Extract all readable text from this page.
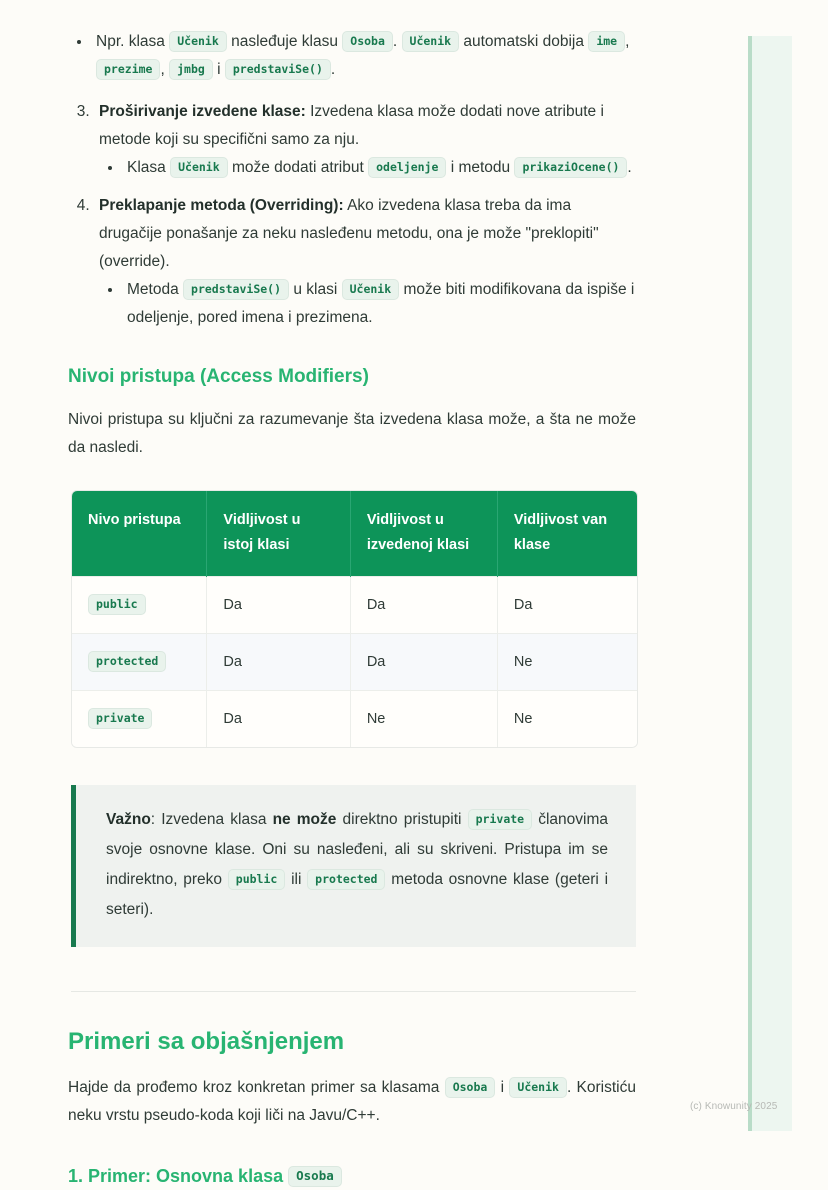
(c) Knowunity 2025
• Npr. klasa Učenik nasleđuje klasu Osoba . Učenik automatski dobija ime , prezime , jmbg i predstaviSe() .
3. Proširivanje izvedene klase: Izvedena klasa može dodati nove atribute i metode koji su specifični samo za nju.
• Klasa Učenik može dodati atribut odeljenje i metodu prikaziOcene() .
4. Preklapanje metoda (Overriding): Ako izvedena klasa treba da ima drugačije ponašanje za neku nasleđenu metodu, ona je može "preklopiti" (override).
• Metoda predstaviSe() u klasi Učenik može biti modifikovana da ispiše i odeljenje, pored imena i prezimena.
Nivoi pristupa (Access Modifiers)

Nivoi pristupa su ključni za razumevanje šta izvedena klasa može, a šta ne može da nasledi.

Nivo pristupa	Vidljivost u istoj klasi	Vidljivost u izvedenoj klasi	Vidljivost van klase
public	Da	Da	Da
protected	Da	Da	Ne
private	Da	Ne	Ne

Važno: Izvedena klasa ne može direktno pristupiti private članovima svoje osnovne klase. Oni su nasleđeni, ali su skriveni. Pristupa im se indirektno, preko public ili protected metoda osnovne klase (geteri i seteri).

Primeri sa objašnjenjem

Hajde da prođemo kroz konkretan primer sa klasama Osoba i Učenik . Koristiću neku vrstu pseudo-koda koji liči na Javu/C++.

1. Primer: Osnovna klasa Osoba
